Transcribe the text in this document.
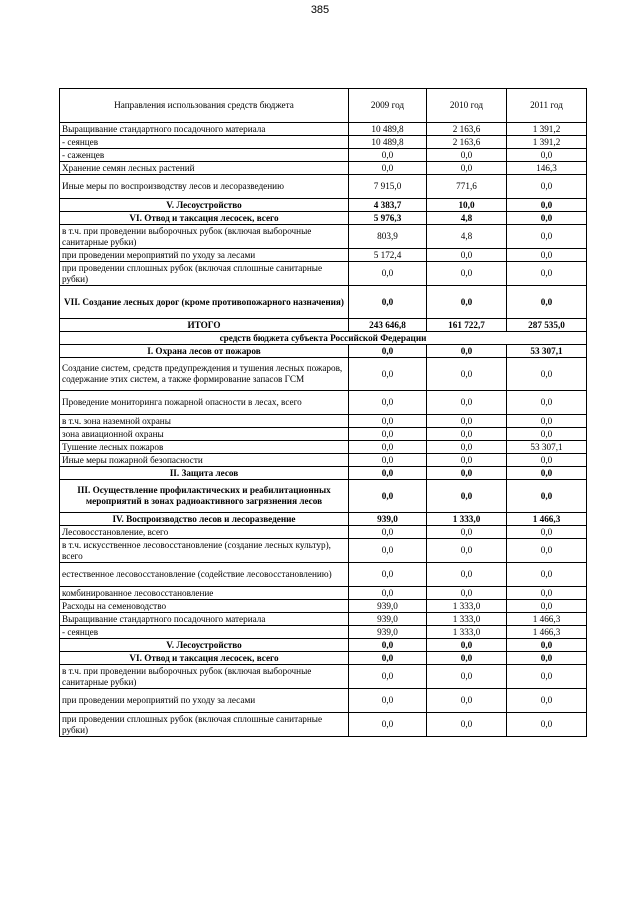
385
Направления использования средств бюджета	2009 год	2010 год	2011 год
Выращивание стандартного посадочного материала	10 489,8	2 163,6	1 391,2
- сеянцев	10 489,8	2 163,6	1 391,2
- саженцев	0,0	0,0	0,0
Хранение семян лесных растений	0,0	0,0	146,3
Иные меры по воспроизводству лесов и лесоразведению	7 915,0	771,6	0,0
V. Лесоустройство	4 383,7	10,0	0,0
VI. Отвод и таксация лесосек, всего	5 976,3	4,8	0,0
в т.ч. при проведении выборочных рубок (включая выборочные санитарные рубки)	803,9	4,8	0,0
при проведении мероприятий по уходу за лесами	5 172,4	0,0	0,0
при проведении сплошных рубок (включая сплошные санитарные рубки)	0,0	0,0	0,0
VII. Создание лесных дорог (кроме противопожарного назначения)	0,0	0,0	0,0
ИТОГО	243 646,8	161 722,7	287 535,0
средств бюджета субъекта Российской Федерации			
I. Охрана лесов от пожаров	0,0	0,0	53 307,1
Создание систем, средств предупреждения и тушения лесных пожаров, содержание этих систем, а также формирование запасов ГСМ	0,0	0,0	0,0
Проведение мониторинга пожарной опасности в лесах, всего	0,0	0,0	0,0
в т.ч. зона наземной охраны	0,0	0,0	0,0
зона авиационной охраны	0,0	0,0	0,0
Тушение лесных пожаров	0,0	0,0	53 307,1
Иные меры пожарной безопасности	0,0	0,0	0,0
II. Защита лесов	0,0	0,0	0,0
III. Осуществление профилактических и реабилитационных мероприятий в зонах радиоактивного загрязнения лесов	0,0	0,0	0,0
IV. Воспроизводство лесов и лесоразведение	939,0	1 333,0	1 466,3
Лесовосстановление, всего	0,0	0,0	0,0
в т.ч. искусственное лесовосстановление (создание лесных культур), всего	0,0	0,0	0,0
естественное лесовосстановление (содействие лесовосстановлению)	0,0	0,0	0,0
комбинированное лесовосстановление	0,0	0,0	0,0
Расходы на семеноводство	939,0	1 333,0	0,0
Выращивание стандартного посадочного материала	939,0	1 333,0	1 466,3
- сеянцев	939,0	1 333,0	1 466,3
V. Лесоустройство	0,0	0,0	0,0
VI. Отвод и таксация лесосек, всего	0,0	0,0	0,0
в т.ч. при проведении выборочных рубок (включая выборочные санитарные рубки)	0,0	0,0	0,0
при проведении мероприятий по уходу за лесами	0,0	0,0	0,0
при проведении сплошных рубок (включая сплошные санитарные рубки)	0,0	0,0	0,0
